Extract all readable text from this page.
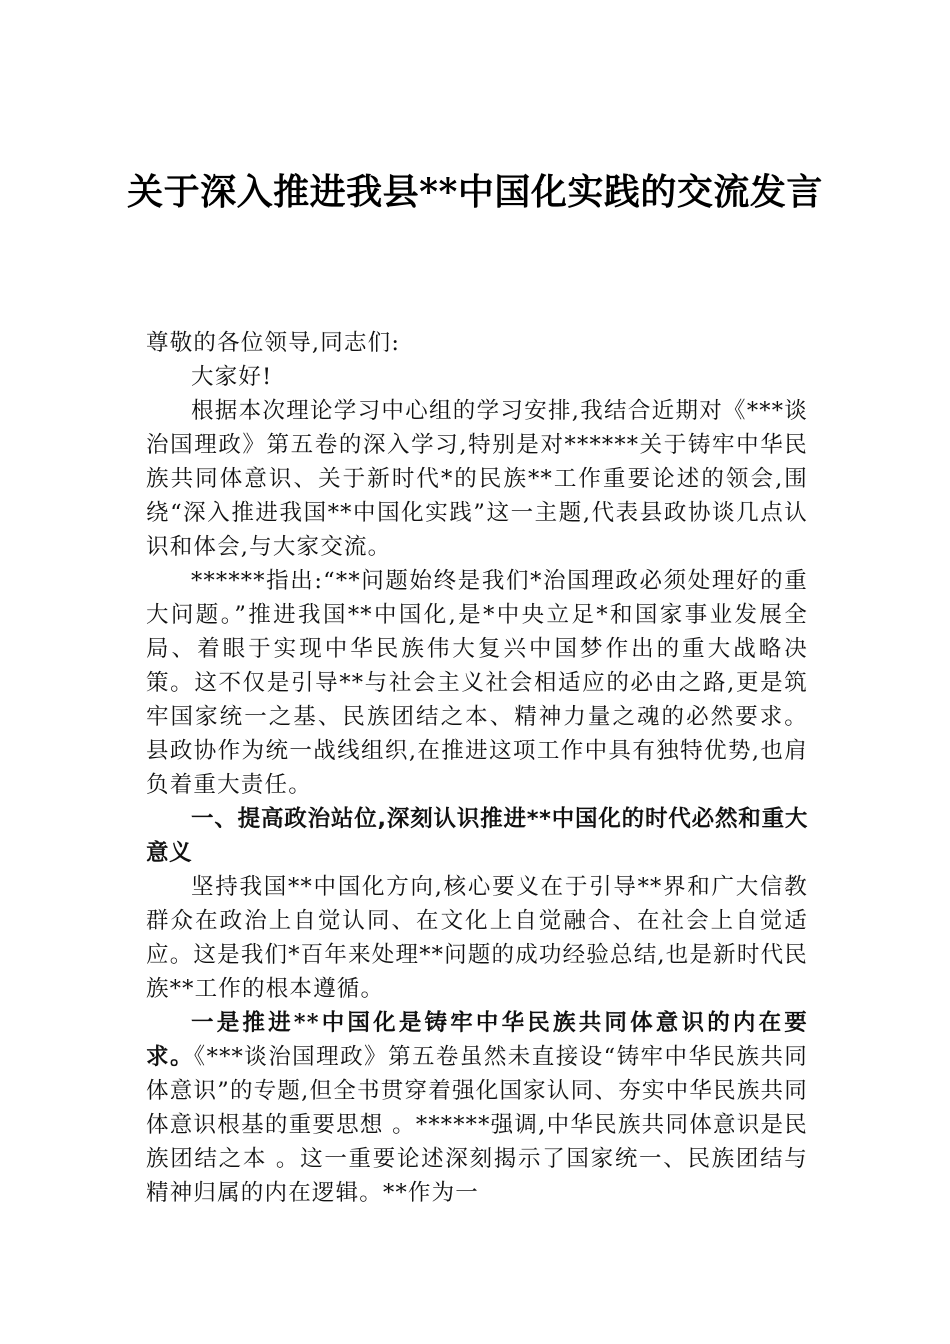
关于深入推进我县**中国化实践的交流发言

尊敬的各位领导,同志们:

大家好!

根据本次理论学习中心组的学习安排,我结合近期对《***谈治国理政》第五卷的深入学习,特别是对******关于铸牢中华民族共同体意识、关于新时代*的民族**工作重要论述的领会,围绕“深入推进我国**中国化实践”这一主题,代表县政协谈几点认识和体会,与大家交流。

******指出:“**问题始终是我们*治国理政必须处理好的重大问题。”推进我国**中国化,是*中央立足*和国家事业发展全局、着眼于实现中华民族伟大复兴中国梦作出的重大战略决策。这不仅是引导**与社会主义社会相适应的必由之路,更是筑牢国家统一之基、民族团结之本、精神力量之魂的必然要求。县政协作为统一战线组织,在推进这项工作中具有独特优势,也肩负着重大责任。

一、提高政治站位,深刻认识推进**中国化的时代必然和重大意义

坚持我国**中国化方向,核心要义在于引导**界和广大信教群众在政治上自觉认同、在文化上自觉融合、在社会上自觉适应。这是我们*百年来处理**问题的成功经验总结,也是新时代民族**工作的根本遵循。

一是推进**中国化是铸牢中华民族共同体意识的内在要求。《***谈治国理政》第五卷虽然未直接设“铸牢中华民族共同体意识”的专题,但全书贯穿着强化国家认同、夯实中华民族共同体意识根基的重要思想 。******强调,中华民族共同体意识是民族团结之本 。这一重要论述深刻揭示了国家统一、民族团结与精神归属的内在逻辑。**作为一
